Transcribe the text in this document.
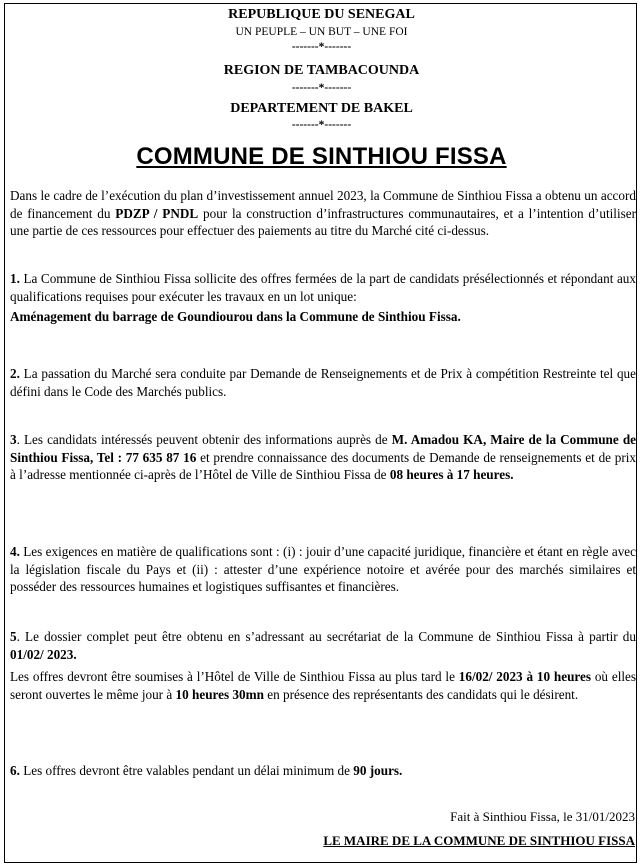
REPUBLIQUE DU SENEGAL
UN PEUPLE – UN BUT – UNE FOI
-------*-------
REGION DE TAMBACOUNDA
-------*-------
DEPARTEMENT DE BAKEL
-------*-------
COMMUNE DE SINTHIOU FISSA

Dans le cadre de l’exécution du plan d’investissement annuel 2023, la Commune de Sinthiou Fissa a obtenu un accord de financement du PDZP / PNDL pour la construction d’infrastructures communautaires, et a l’intention d’utiliser une partie de ces ressources pour effectuer des paiements au titre du Marché cité ci-dessus.

1. La Commune de Sinthiou Fissa sollicite des offres fermées de la part de candidats présélectionnés et répondant aux qualifications requises pour exécuter les travaux en un lot unique:

Aménagement du barrage de Goundiourou dans la Commune de Sinthiou Fissa.

2. La passation du Marché sera conduite par Demande de Renseignements et de Prix à compétition Restreinte tel que défini dans le Code des Marchés publics.

3. Les candidats intéressés peuvent obtenir des informations auprès de M. Amadou KA, Maire de la Commune de Sinthiou Fissa, Tel : 77 635 87 16 et prendre connaissance des documents de Demande de renseignements et de prix à l’adresse mentionnée ci-après de l’Hôtel de Ville de Sinthiou Fissa de 08 heures à 17 heures.

4. Les exigences en matière de qualifications sont : (i) : jouir d’une capacité juridique, financière et étant en règle avec la législation fiscale du Pays et (ii) : attester d’une expérience notoire et avérée pour des marchés similaires et posséder des ressources humaines et logistiques suffisantes et financières.

5. Le dossier complet peut être obtenu en s’adressant au secrétariat de la Commune de Sinthiou Fissa à partir du 01/02/ 2023.

Les offres devront être soumises à l’Hôtel de Ville de Sinthiou Fissa au plus tard le 16/02/ 2023 à 10 heures où elles seront ouvertes le même jour à 10 heures 30mn en présence des représentants des candidats qui le désirent.

6. Les offres devront être valables pendant un délai minimum de 90 jours.

Fait à Sinthiou Fissa, le 31/01/2023
LE MAIRE DE LA COMMUNE DE SINTHIOU FISSA
